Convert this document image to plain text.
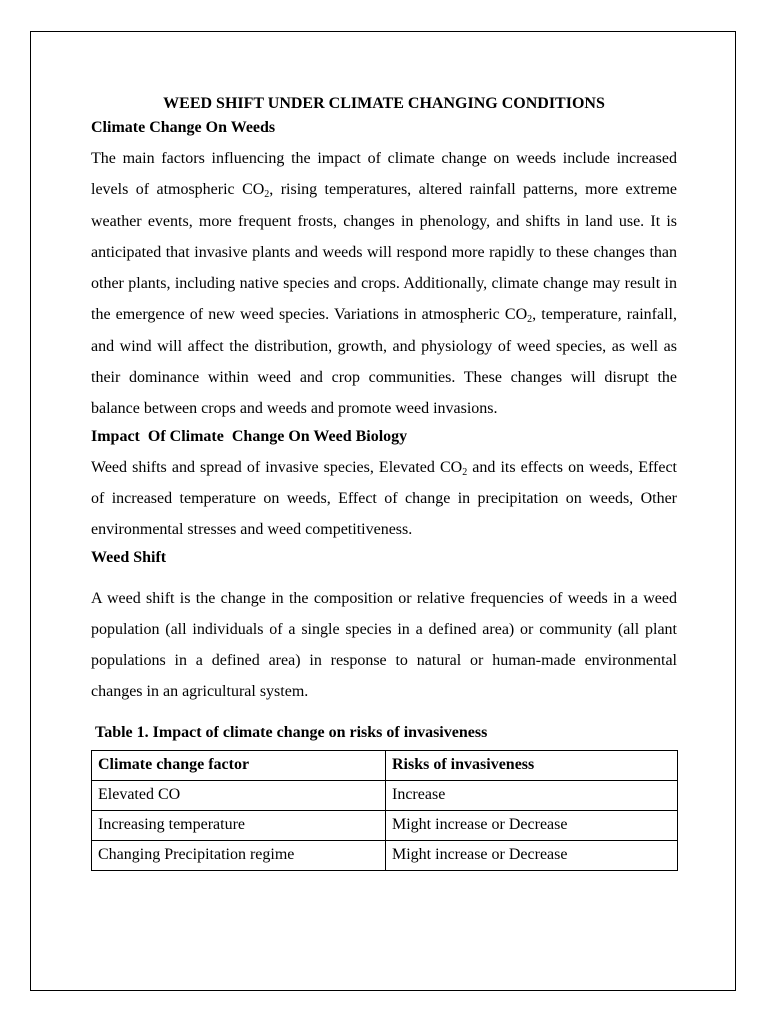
WEED SHIFT UNDER CLIMATE CHANGING CONDITIONS

Climate Change On Weeds

The main factors influencing the impact of climate change on weeds include increased levels of atmospheric $CO_2$, rising temperatures, altered rainfall patterns, more extreme weather events, more frequent frosts, changes in phenology, and shifts in land use. It is anticipated that invasive plants and weeds will respond more rapidly to these changes than other plants, including native species and crops. Additionally, climate change may result in the emergence of new weed species. Variations in atmospheric $CO_2$, temperature, rainfall, and wind will affect the distribution, growth, and physiology of weed species, as well as their dominance within weed and crop communities. These changes will disrupt the balance between crops and weeds and promote weed invasions.

Impact  Of Climate  Change On Weed Biology

Weed shifts and spread of invasive species, Elevated $CO_2$ and its effects on weeds, Effect of increased temperature on weeds, Effect of change in precipitation on weeds, Other environmental stresses and weed competitiveness.

Weed Shift

A weed shift is the change in the composition or relative frequencies of weeds in a weed population (all individuals of a single species in a defined area) or community (all plant populations in a defined area) in response to natural or human-made environmental changes in an agricultural system.

Table 1. Impact of climate change on risks of invasiveness

Climate change factor	Risks of invasiveness
Elevated CO	Increase
Increasing temperature	Might increase or Decrease
Changing Precipitation regime	Might increase or Decrease
